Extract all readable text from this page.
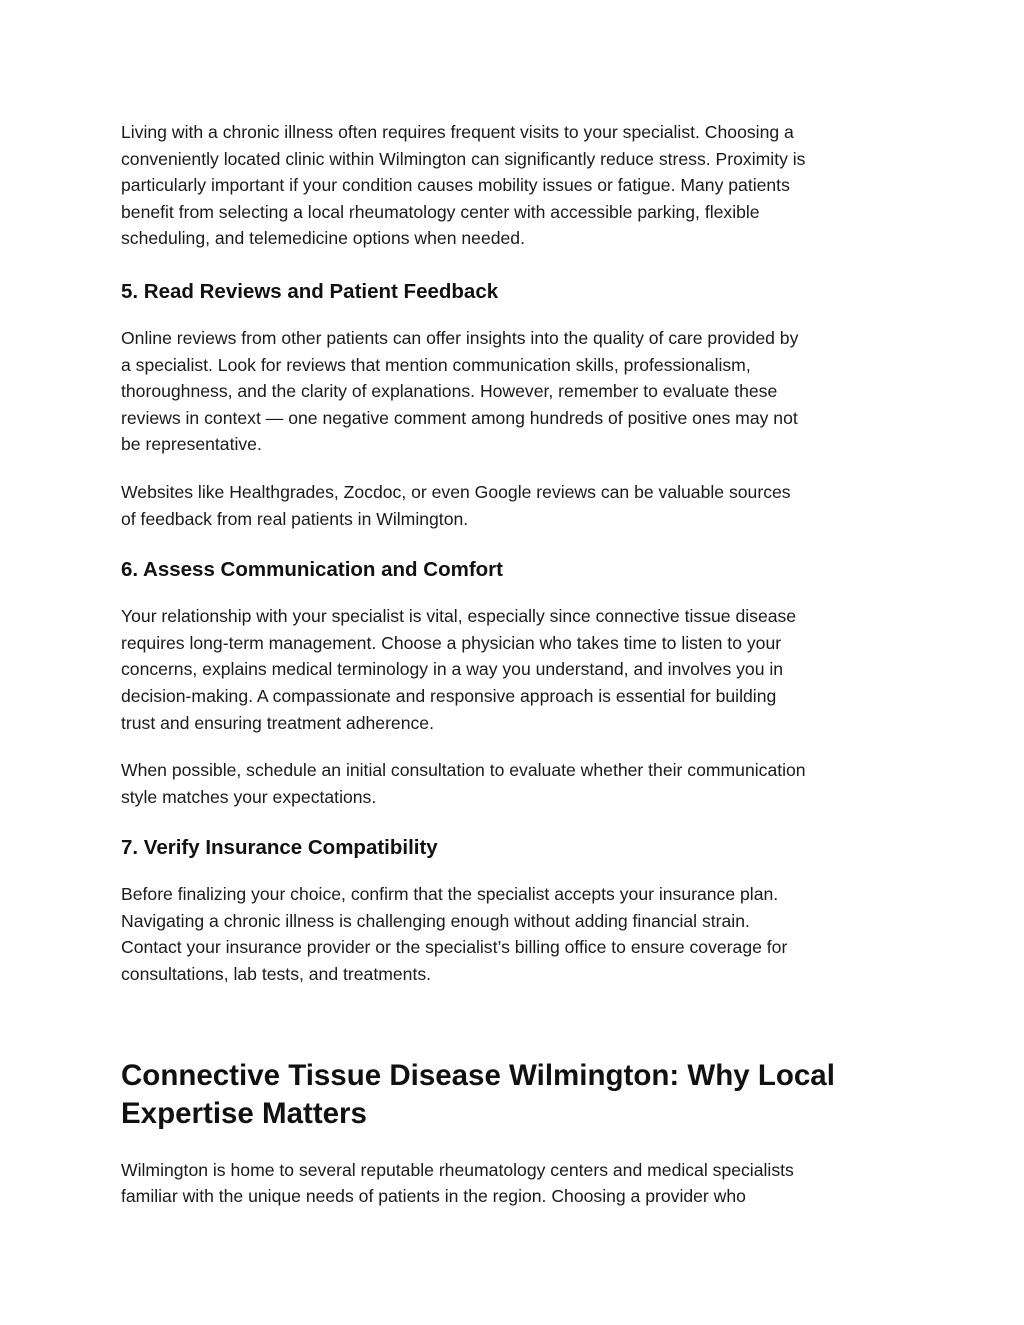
Living with a chronic illness often requires frequent visits to your specialist. Choosing a
conveniently located clinic within Wilmington can significantly reduce stress. Proximity is
particularly important if your condition causes mobility issues or fatigue. Many patients
benefit from selecting a local rheumatology center with accessible parking, flexible
scheduling, and telemedicine options when needed.

5. Read Reviews and Patient Feedback

Online reviews from other patients can offer insights into the quality of care provided by
a specialist. Look for reviews that mention communication skills, professionalism,
thoroughness, and the clarity of explanations. However, remember to evaluate these
reviews in context — one negative comment among hundreds of positive ones may not
be representative.

Websites like Healthgrades, Zocdoc, or even Google reviews can be valuable sources
of feedback from real patients in Wilmington.

6. Assess Communication and Comfort

Your relationship with your specialist is vital, especially since connective tissue disease
requires long-term management. Choose a physician who takes time to listen to your
concerns, explains medical terminology in a way you understand, and involves you in
decision-making. A compassionate and responsive approach is essential for building
trust and ensuring treatment adherence.

When possible, schedule an initial consultation to evaluate whether their communication
style matches your expectations.

7. Verify Insurance Compatibility

Before finalizing your choice, confirm that the specialist accepts your insurance plan.
Navigating a chronic illness is challenging enough without adding financial strain.
Contact your insurance provider or the specialist’s billing office to ensure coverage for
consultations, lab tests, and treatments.

Connective Tissue Disease Wilmington: Why Local
Expertise Matters

Wilmington is home to several reputable rheumatology centers and medical specialists
familiar with the unique needs of patients in the region. Choosing a provider who
